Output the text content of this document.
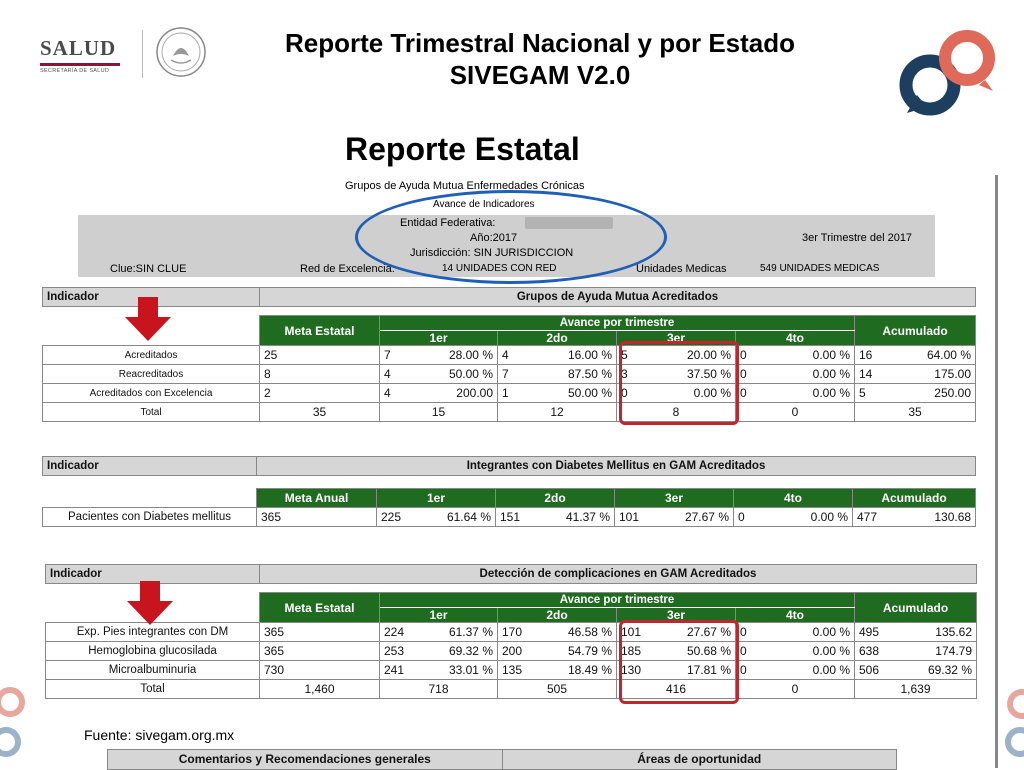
SALUD
SECRETARÍA DE SALUD
Reporte Trimestral Nacional y por Estado
SIVEGAM V2.0
Reporte Estatal
Grupos de Ayuda Mutua Enfermedades Crónicas
Avance de Indicadores
Entidad Federativa:
Año:2017	3er Trimestre del 2017
Jurisdicción: SIN JURISDICCION
Clue:SIN CLUE	Red de Excelencia:	14 UNIDADES CON RED	Unidades Medicas	549 UNIDADES MEDICAS
Indicador	Grupos de Ayuda Mutua Acreditados					

	Meta Estatal	Avance por trimestre				Acumulado
		1er	2do	3er	4to	
Acreditados	25	7 28.00 %	4 16.00 %	5 20.00 %	0 0.00 %	16 64.00 %

Reacreditados	8	4 50.00 %	7 87.50 %	3 37.50 %	0 0.00 %	14 175.00

Acreditados con Excelencia	2	4 200.00	1 50.00 %	0 0.00 %	0 0.00 %	5 250.00

Total	35	15	12	8	0	35
Indicador	Integrantes con Diabetes Mellitus en GAM Acreditados					

	Meta Anual	1er	2do	3er	4to	Acumulado
Pacientes con Diabetes mellitus	365	225 61.64 %	151 41.37 %	101 27.67 %	0 0.00 %	477 130.68
Indicador	Detección de complicaciones en GAM Acreditados					

	Meta Estatal	Avance por trimestre				Acumulado
		1er	2do	3er	4to	
Exp. Pies integrantes con DM	365	224 61.37 %	170 46.58 %	101 27.67 %	0 0.00 %	495 135.62

Hemoglobina glucosilada	365	253 69.32 %	200 54.79 %	185 50.68 %	0 0.00 %	638 174.79

Microalbuminuria	730	241 33.01 %	135 18.49 %	130 17.81 %	0 0.00 %	506 69.32 %

Total	1,460	718	505	416	0	1,639
Fuente: sivegam.org.mx
Comentarios y Recomendaciones generales	Áreas de oportunidad
